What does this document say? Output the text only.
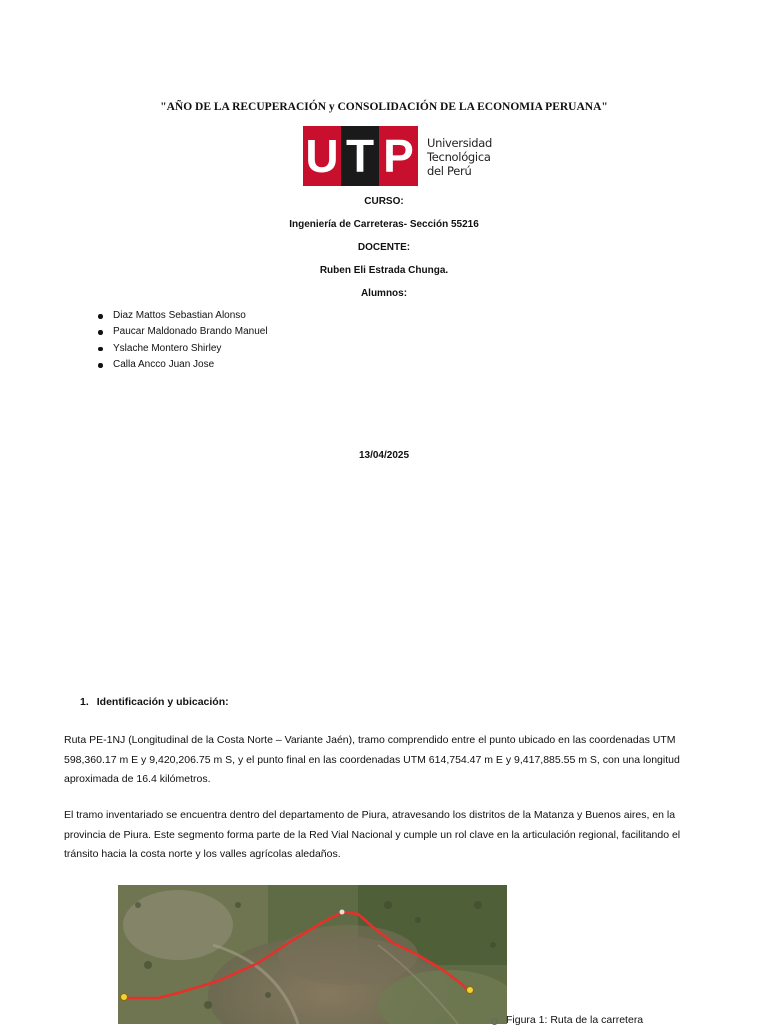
"AÑO DE LA RECUPERACIÓN y CONSOLIDACIÓN DE LA ECONOMIA PERUANA"
U T P	Universidad
Tecnológica
del Perú
CURSO:
Ingeniería de Carreteras- Sección 55216
DOCENTE:
Ruben Eli Estrada Chunga.
Alumnos:
Diaz Mattos Sebastian Alonso
Paucar Maldonado Brando Manuel
Yslache Montero Shirley
Calla Ancco Juan Jose
13/04/2025
1. Identificación y ubicación:
Ruta PE-1NJ (Longitudinal de la Costa Norte – Variante Jaén), tramo comprendido entre el punto ubicado en las coordenadas UTM 598,360.17 m E y 9,420,206.75 m S, y el punto final en las coordenadas UTM 614,754.47 m E y 9,417,885.55 m S, con una longitud aproximada de 16.4 kilómetros.
El tramo inventariado se encuentra dentro del departamento de Piura, atravesando los distritos de la Matanza y Buenos aires, en la provincia de Piura. Este segmento forma parte de la Red Vial Nacional y cumple un rol clave en la articulación regional, facilitando el tránsito hacia la costa norte y los valles agrícolas aledaños.
Figura 1: Ruta de la carretera
